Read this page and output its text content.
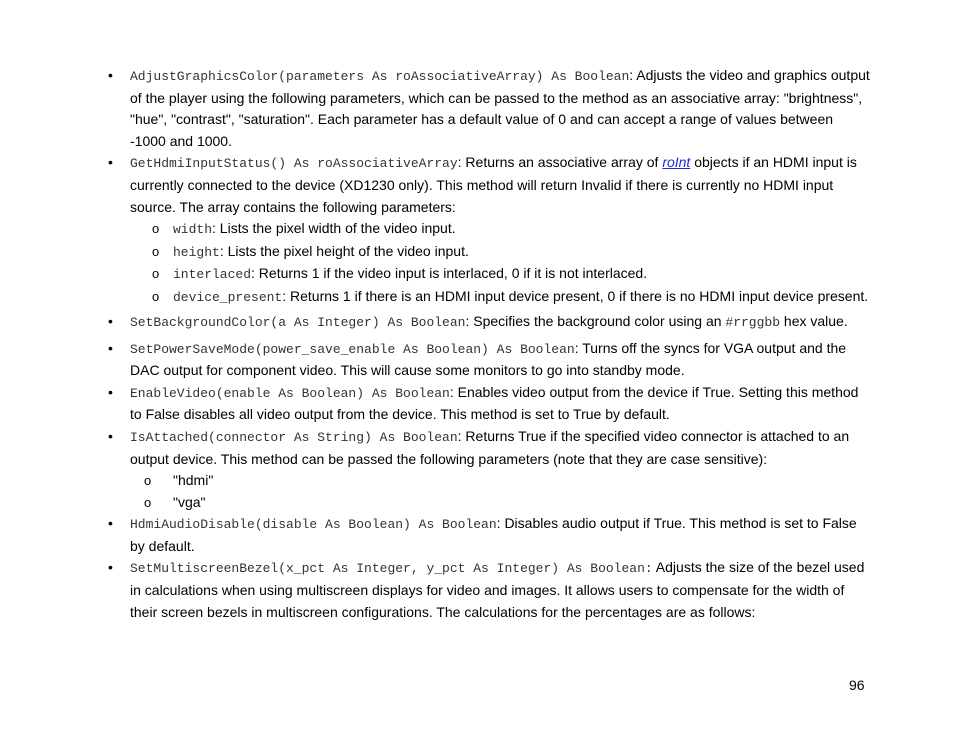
• AdjustGraphicsColor(parameters As roAssociativeArray) As Boolean: Adjusts the video and graphics output of the player using the following parameters, which can be passed to the method as an associative array: "brightness", "hue", "contrast", "saturation". Each parameter has a default value of 0 and can accept a range of values between -1000 and 1000.
• GetHdmiInputStatus() As roAssociativeArray: Returns an associative array of roInt objects if an HDMI input is currently connected to the device (XD1230 only). This method will return Invalid if there is currently no HDMI input source. The array contains the following parameters:
o width: Lists the pixel width of the video input.
o height: Lists the pixel height of the video input.
o interlaced: Returns 1 if the video input is interlaced, 0 if it is not interlaced.
o device_present: Returns 1 if there is an HDMI input device present, 0 if there is no HDMI input device present.
• SetBackgroundColor(a As Integer) As Boolean: Specifies the background color using an #rrggbb hex value.
• SetPowerSaveMode(power_save_enable As Boolean) As Boolean: Turns off the syncs for VGA output and the DAC output for component video. This will cause some monitors to go into standby mode.
• EnableVideo(enable As Boolean) As Boolean: Enables video output from the device if True. Setting this method to False disables all video output from the device. This method is set to True by default.
• IsAttached(connector As String) As Boolean: Returns True if the specified video connector is attached to an output device. This method can be passed the following parameters (note that they are case sensitive):
o "hdmi"
o "vga"
• HdmiAudioDisable(disable As Boolean) As Boolean: Disables audio output if True. This method is set to False by default.
• SetMultiscreenBezel(x_pct As Integer, y_pct As Integer) As Boolean: Adjusts the size of the bezel used in calculations when using multiscreen displays for video and images. It allows users to compensate for the width of their screen bezels in multiscreen configurations. The calculations for the percentages are as follows:
96
